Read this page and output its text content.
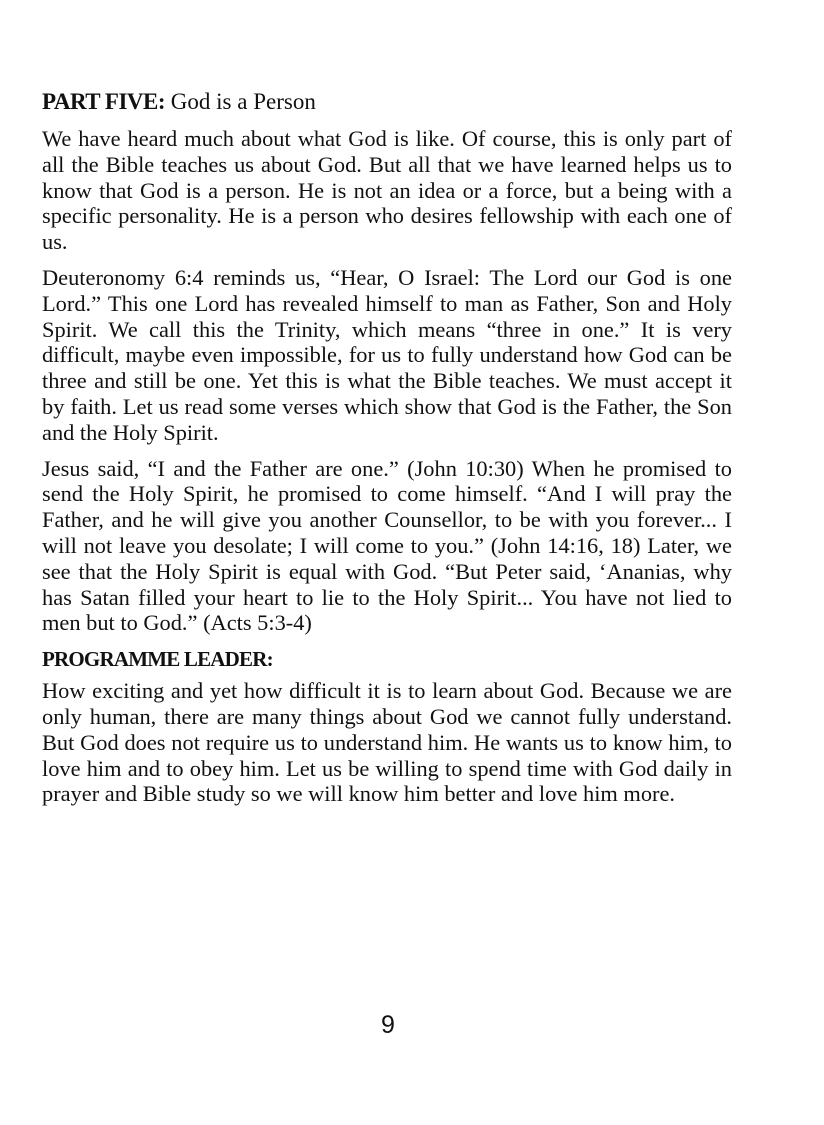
PART FIVE: God is a Person

We have heard much about what God is like. Of course, this is only part of all the Bible teaches us about God. But all that we have learned helps us to know that God is a person. He is not an idea or a force, but a being with a specific personality. He is a person who desires fellowship with each one of us.

Deuteronomy 6:4 reminds us, “Hear, O Israel: The Lord our God is one Lord.” This one Lord has revealed himself to man as Father, Son and Holy Spirit. We call this the Trinity, which means “three in one.” It is very difficult, maybe even impossible, for us to fully understand how God can be three and still be one. Yet this is what the Bible teaches. We must accept it by faith. Let us read some verses which show that God is the Father, the Son and the Holy Spirit.

Jesus said, “I and the Father are one.” (John 10:30) When he promised to send the Holy Spirit, he promised to come himself. “And I will pray the Father, and he will give you another Counsellor, to be with you forever... I will not leave you desolate; I will come to you.” (John 14:16, 18) Later, we see that the Holy Spirit is equal with God. “But Peter said, ‘Ananias, why has Satan filled your heart to lie to the Holy Spirit... You have not lied to men but to God.” (Acts 5:3-4)

PROGRAMME LEADER:

How exciting and yet how difficult it is to learn about God. Because we are only human, there are many things about God we cannot fully understand. But God does not require us to understand him. He wants us to know him, to love him and to obey him. Let us be willing to spend time with God daily in prayer and Bible study so we will know him better and love him more.

9
